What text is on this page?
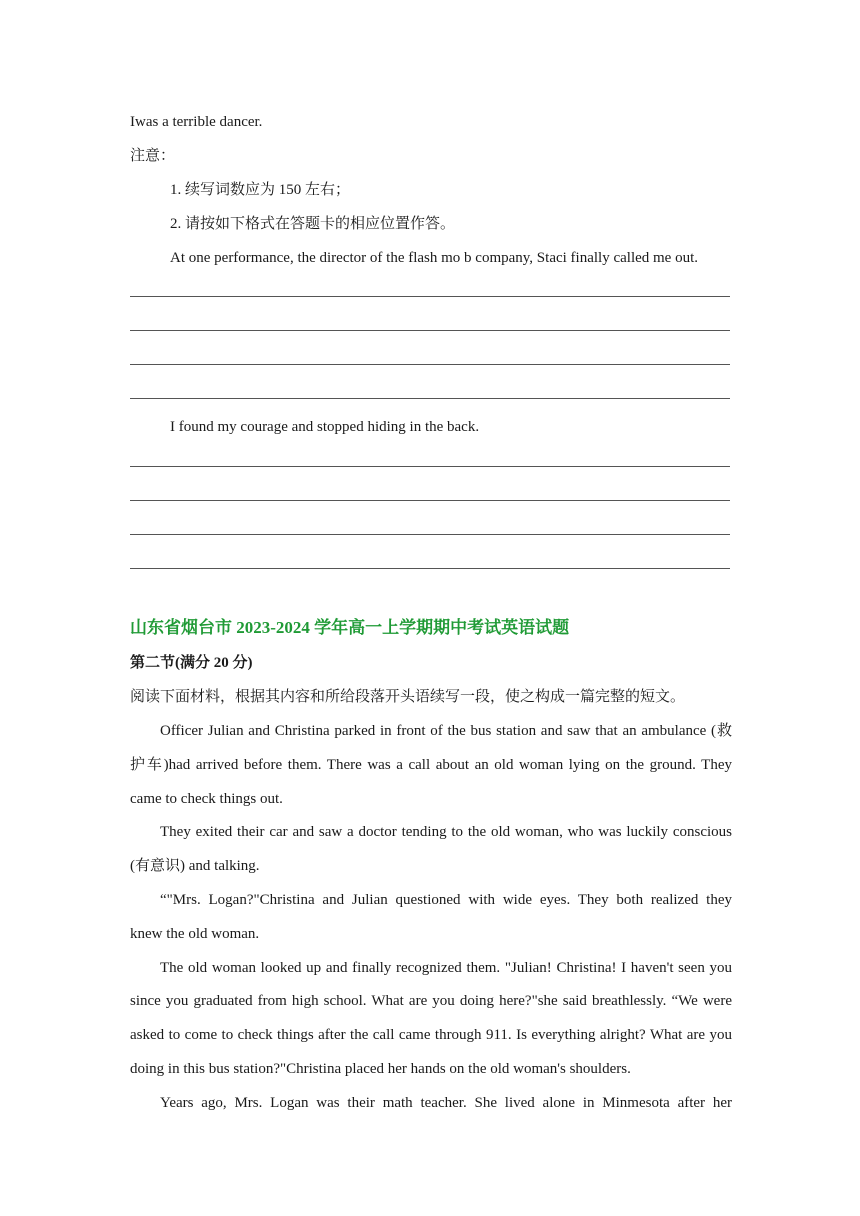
Iwas a terrible dancer.
注意：
1. 续写词数应为 150 左右；
2. 请按如下格式在答题卡的相应位置作答。
At one performance, the director of the flash mo b company, Staci finally called me out.
I found my courage and stopped hiding in the back.
山东省烟台市 2023-2024 学年高一上学期期中考试英语试题
第二节(满分 20 分)
阅读下面材料，根据其内容和所给段落开头语续写一段，使之构成一篇完整的短文。
Officer Julian and Christina parked in front of the bus station and saw that an ambulance (救
护车)had arrived before them. There was a call about an old woman lying on the ground. They
came to check things out.
They exited their car and saw a doctor tending to the old woman, who was luckily conscious
(有意识) and talking.
“"Mrs. Logan?"Christina and Julian questioned with wide eyes. They both realized they
knew the old woman.
The old woman looked up and finally recognized them. "Julian! Christina! I haven't seen you
since you graduated from high school. What are you doing here?"she said breathlessly. “We were
asked to come to check things after the call came through 911. Is everything alright? What are you
doing in this bus station?"Christina placed her hands on the old woman's shoulders.
Years ago, Mrs. Logan was their math teacher. She lived alone in Minmesota after her
